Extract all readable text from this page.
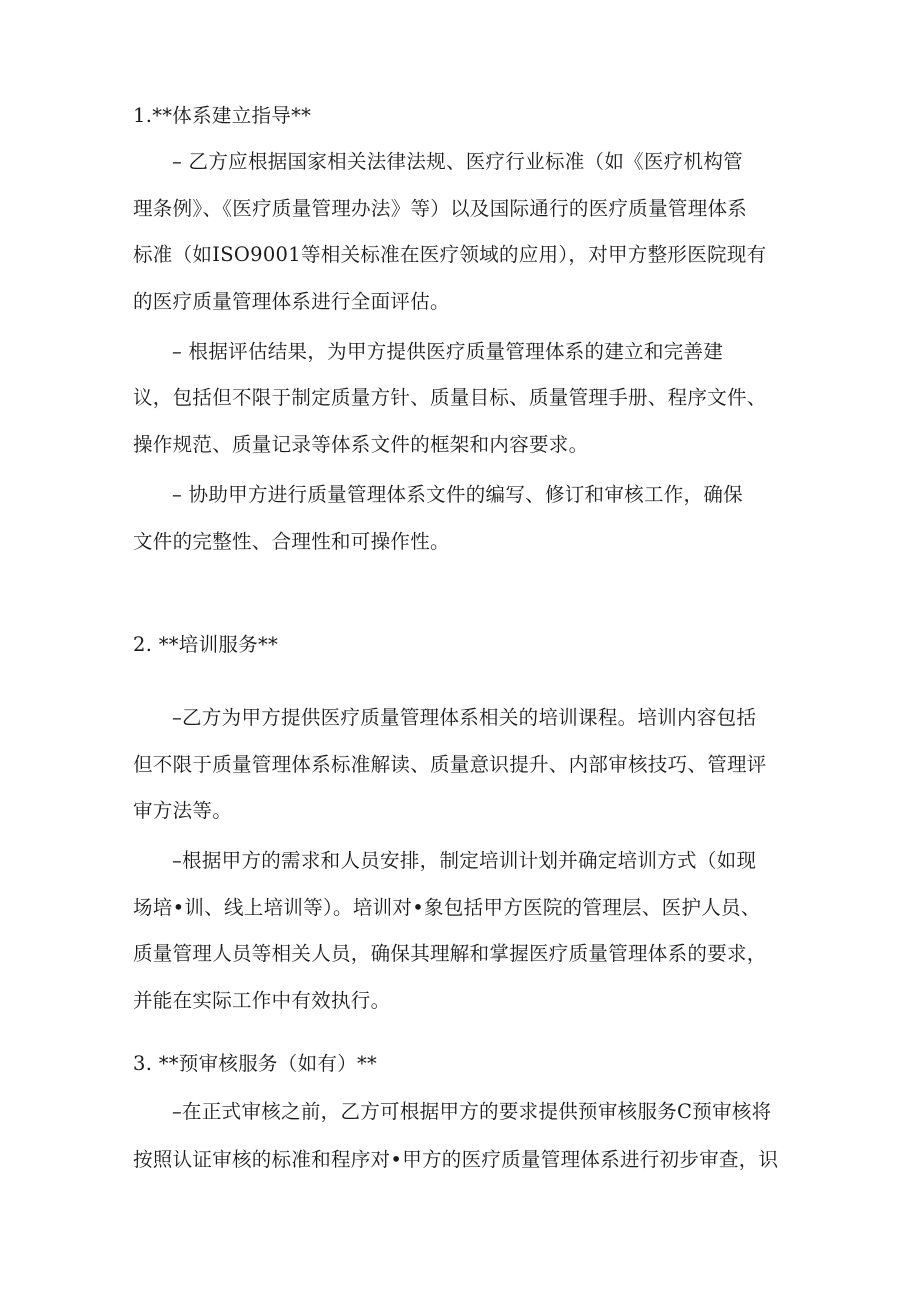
1.**体系建立指导**
– 乙方应根据国家相关法律法规、医疗行业标准（如《医疗机构管
理条例》、《医疗质量管理办法》等）以及国际通行的医疗质量管理体系
标准（如ISO9001等相关标准在医疗领域的应用），对甲方整形医院现有
的医疗质量管理体系进行全面评估。
– 根据评估结果，为甲方提供医疗质量管理体系的建立和完善建
议，包括但不限于制定质量方针、质量目标、质量管理手册、程序文件、
操作规范、质量记录等体系文件的框架和内容要求。
– 协助甲方进行质量管理体系文件的编写、修订和审核工作，确保
文件的完整性、合理性和可操作性。
2. **培训服务**
–乙方为甲方提供医疗质量管理体系相关的培训课程。培训内容包括
但不限于质量管理体系标准解读、质量意识提升、内部审核技巧、管理评
审方法等。
–根据甲方的需求和人员安排，制定培训计划并确定培训方式（如现
场培•训、线上培训等）。培训对•象包括甲方医院的管理层、医护人员、
质量管理人员等相关人员，确保其理解和掌握医疗质量管理体系的要求，
并能在实际工作中有效执行。
3. **预审核服务（如有）**
–在正式审核之前，乙方可根据甲方的要求提供预审核服务C预审核将
按照认证审核的标准和程序对•甲方的医疗质量管理体系进行初步审查，识
